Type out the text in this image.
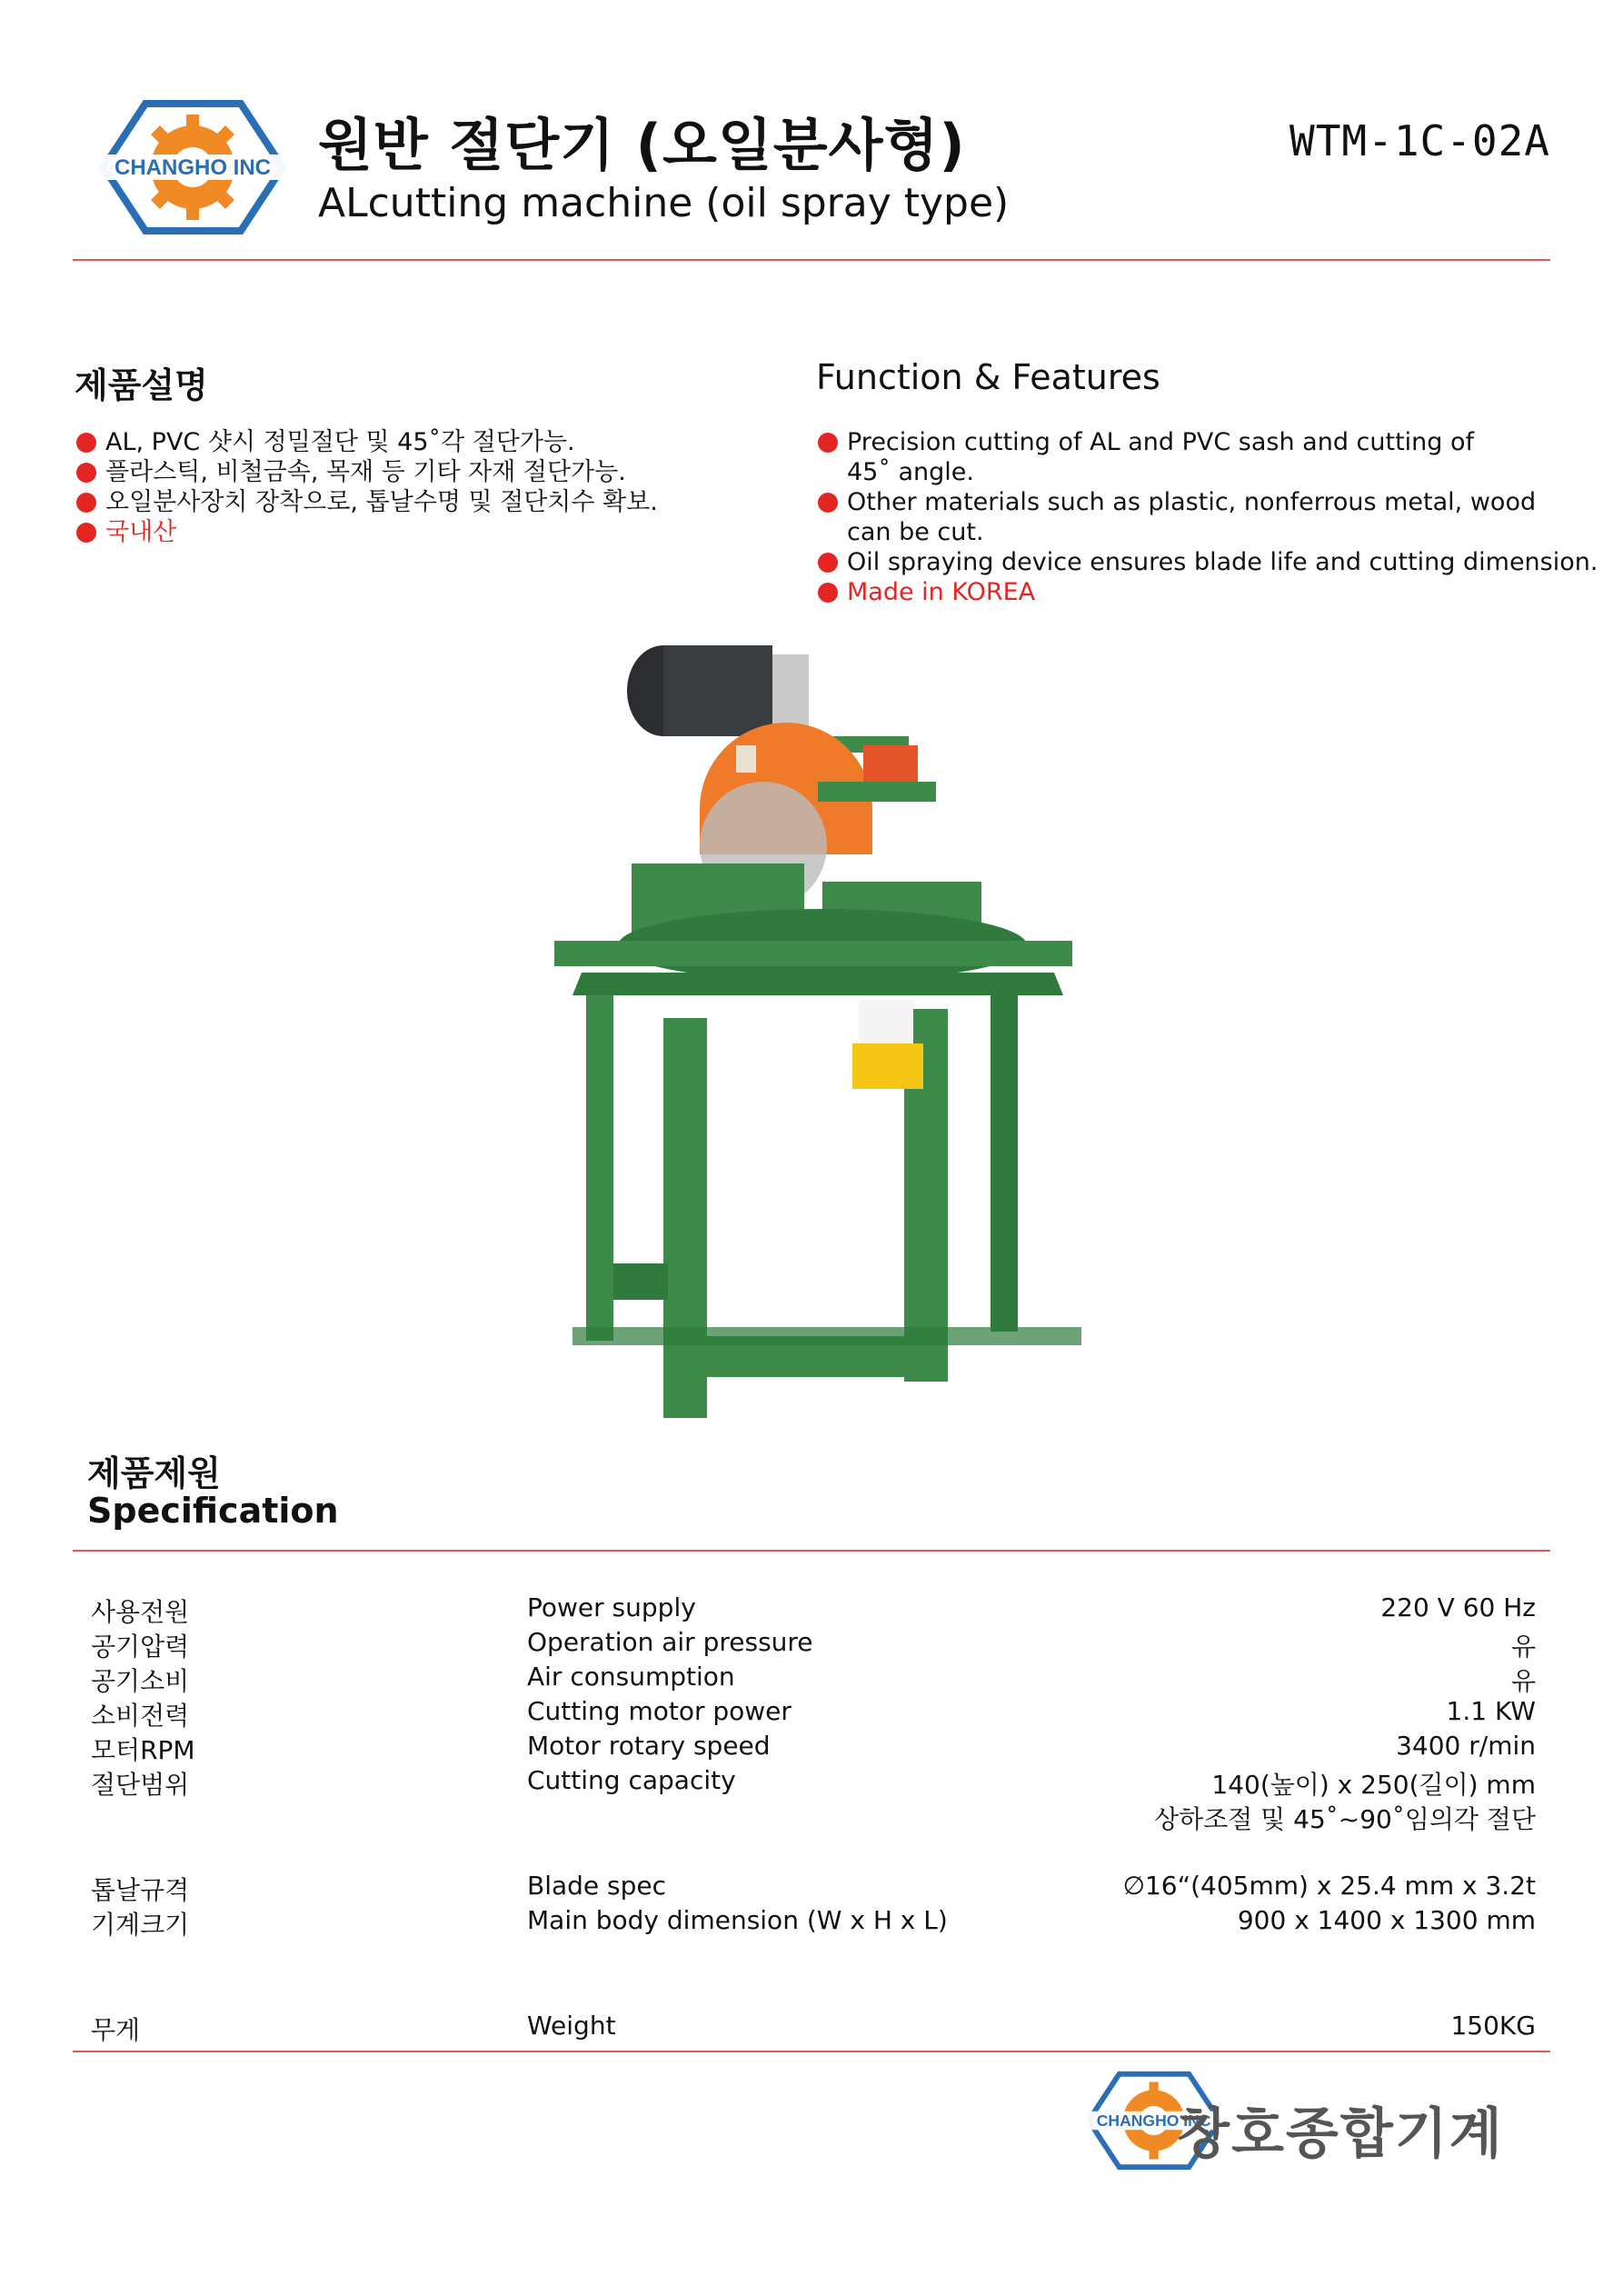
CHANGHO INC 원반 절단기 (오일분사형)
ALcutting machine (oil spray type)
WTM-1C-02A
제품설명
AL, PVC 샷시 정밀절단 및 45˚각 절단가능.
플라스틱, 비철금속, 목재 등 기타 자재 절단가능.
오일분사장치 장착으로, 톱날수명 및 절단치수 확보.
국내산
Function & Features
Precision cutting of AL and PVC sash and cutting of
45˚ angle.
Other materials such as plastic, nonferrous metal, wood
can be cut.
Oil spraying device ensures blade life and cutting dimension.
Made in KOREA
제품제원
Specification
사용전원	Power supply	220 V 60 Hz
공기압력	Operation air pressure	유
공기소비	Air consumption	유
소비전력	Cutting motor power	1.1 KW
모터RPM	Motor rotary speed	3400 r/min
절단범위	Cutting capacity	140(높이) x 250(길이) mm
상하조절 및 45˚~90˚임의각 절단
톱날규격	Blade spec	∅16“(405mm) x 25.4 mm x 3.2t
기계크기	Main body dimension (W x H x L)	900 x 1400 x 1300 mm
무게	Weight	150KG
CHANGHO INC
창호종합기계
